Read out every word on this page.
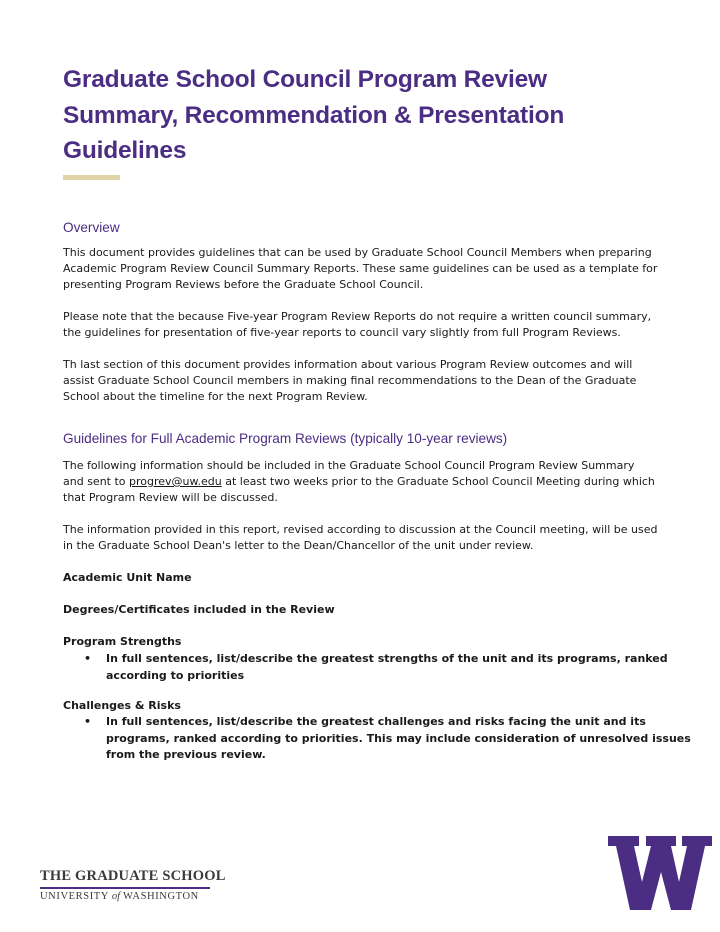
Graduate School Council Program Review
Summary, Recommendation & Presentation
Guidelines
Overview

This document provides guidelines that can be used by Graduate School Council Members when preparing
Academic Program Review Council Summary Reports. These same guidelines can be used as a template for
presenting Program Reviews before the Graduate School Council.

Please note that the because Five-year Program Review Reports do not require a written council summary,
the guidelines for presentation of five-year reports to council vary slightly from full Program Reviews.

Th last section of this document provides information about various Program Review outcomes and will
assist Graduate School Council members in making final recommendations to the Dean of the Graduate
School about the timeline for the next Program Review.

Guidelines for Full Academic Program Reviews (typically 10-year reviews)

The following information should be included in the Graduate School Council Program Review Summary
and sent to progrev@uw.edu at least two weeks prior to the Graduate School Council Meeting during which
that Program Review will be discussed.

The information provided in this report, revised according to discussion at the Council meeting, will be used
in the Graduate School Dean's letter to the Dean/Chancellor of the unit under review.

Academic Unit Name

Degrees/Certificates included in the Review

Program Strengths

• In full sentences, list/describe the greatest strengths of the unit and its programs, ranked
according to priorities

Challenges & Risks

• In full sentences, list/describe the greatest challenges and risks facing the unit and its
programs, ranked according to priorities. This may include consideration of unresolved issues
from the previous review.
THE GRADUATE SCHOOL
UNIVERSITY of WASHINGTON
